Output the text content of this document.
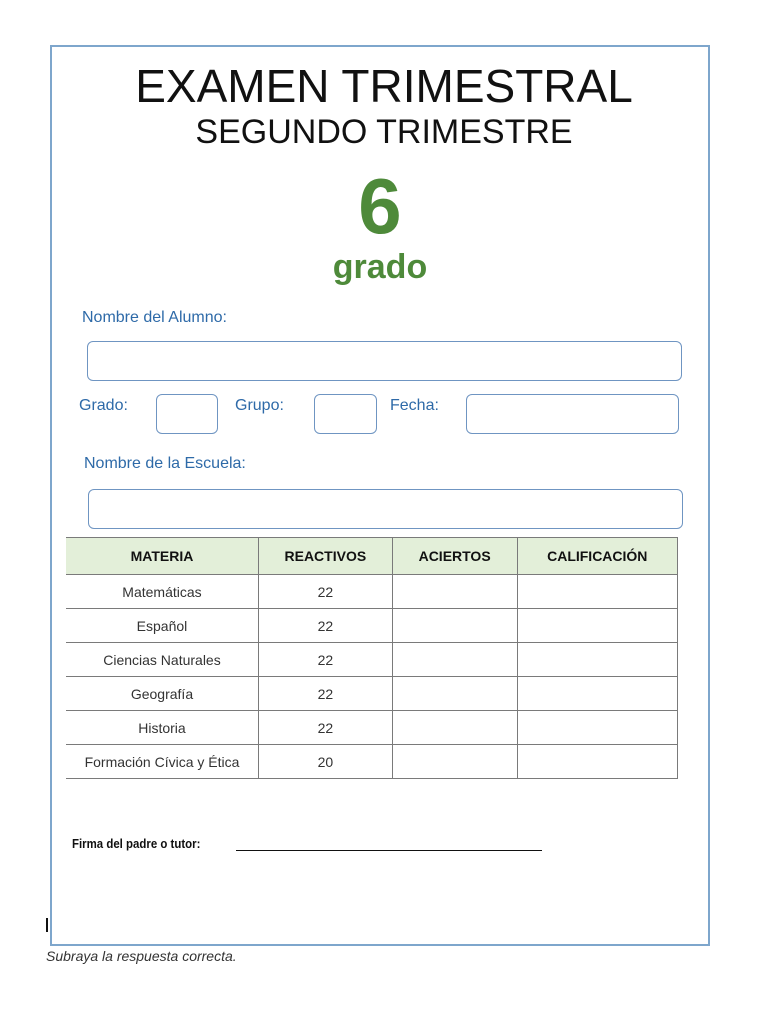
EXAMEN TRIMESTRAL
SEGUNDO TRIMESTRE
6
grado
Nombre del Alumno:
Grado:	Grupo:	Fecha:
Nombre de la Escuela:
MATERIA	REACTIVOS	ACIERTOS	CALIFICACIÓN
Matemáticas	22		
Español	22		
Ciencias Naturales	22		
Geografía	22		
Historia	22		
Formación Cívica y Ética	20		
Firma del padre o tutor:
Subraya la respuesta correcta.
